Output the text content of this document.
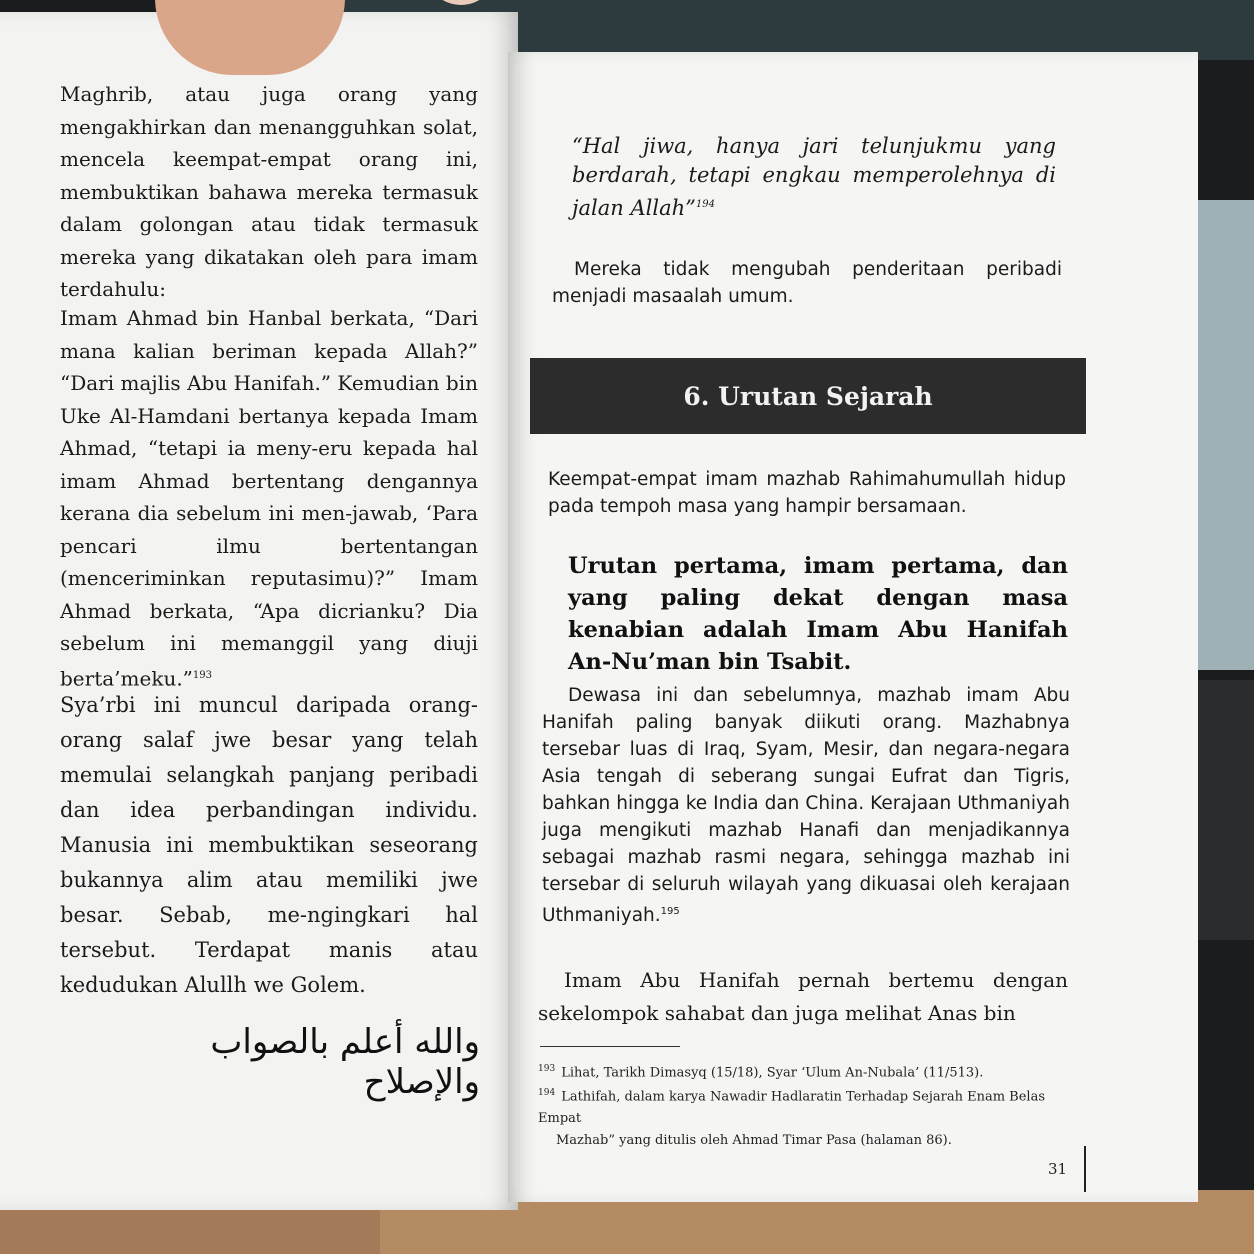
Maghrib, atau juga orang yang mengakhirkan dan menangguhkan solat, mencela keempat-empat orang ini, membuktikan bahawa mereka termasuk dalam golongan atau tidak termasuk mereka yang dikatakan oleh para imam terdahulu:

Imam Ahmad bin Hanbal berkata, “Dari mana kalian beriman kepada Allah?” “Dari majlis Abu Hanifah.” Kemudian bin Uke Al-Hamdani bertanya kepada Imam Ahmad, “tetapi ia meny-eru kepada hal imam Ahmad bertentang dengannya kerana dia sebelum ini men-jawab, ‘Para pencari ilmu bertentangan (menceriminkan reputasimu)?” Imam Ahmad berkata, “Apa dicrianku? Dia sebelum ini memanggil yang diuji berta’meku.”$^{193}$

Sya’rbi ini muncul daripada orang-orang salaf jwe besar yang telah memulai selangkah panjang peribadi dan idea perbandingan individu. Manusia ini membuktikan seseorang bukannya alim atau memiliki jwe besar. Sebab, me-ngingkari hal tersebut. Terdapat manis atau kedudukan Alullh we Golem.

والله أعلم بالصواب والإصلاح

“Hal jiwa, hanya jari telunjukmu yang berdarah, tetapi engkau memperolehnya di jalan Allah”$^{194}$

Mereka tidak mengubah penderitaan peribadi menjadi masaalah umum.

6. Urutan Sejarah

Keempat-empat imam mazhab Rahimahumullah hidup pada tempoh masa yang hampir bersamaan.

Urutan pertama, imam pertama, dan yang paling dekat dengan masa kenabian adalah Imam Abu Hanifah An-Nu’man bin Tsabit.

Dewasa ini dan sebelumnya, mazhab imam Abu Hanifah paling banyak diikuti orang. Mazhabnya tersebar luas di Iraq, Syam, Mesir, dan negara-negara Asia tengah di seberang sungai Eufrat dan Tigris, bahkan hingga ke India dan China. Kerajaan Uthmaniyah juga mengikuti mazhab Hanafi dan menjadikannya sebagai mazhab rasmi negara, sehingga mazhab ini tersebar di seluruh wilayah yang dikuasai oleh kerajaan Uthmaniyah.$^{195}$

Imam Abu Hanifah pernah bertemu dengan sekelompok sahabat dan juga melihat Anas bin

$^{193}$ Lihat, Tarikh Dimasyq (15/18), Syar ‘Ulum An-Nubala’ (11/513).

$^{194}$ Lathifah, dalam karya Nawadir Hadlaratin Terhadap Sejarah Enam Belas Empat
Mazhab” yang ditulis oleh Ahmad Timar Pasa (halaman 86).

31
